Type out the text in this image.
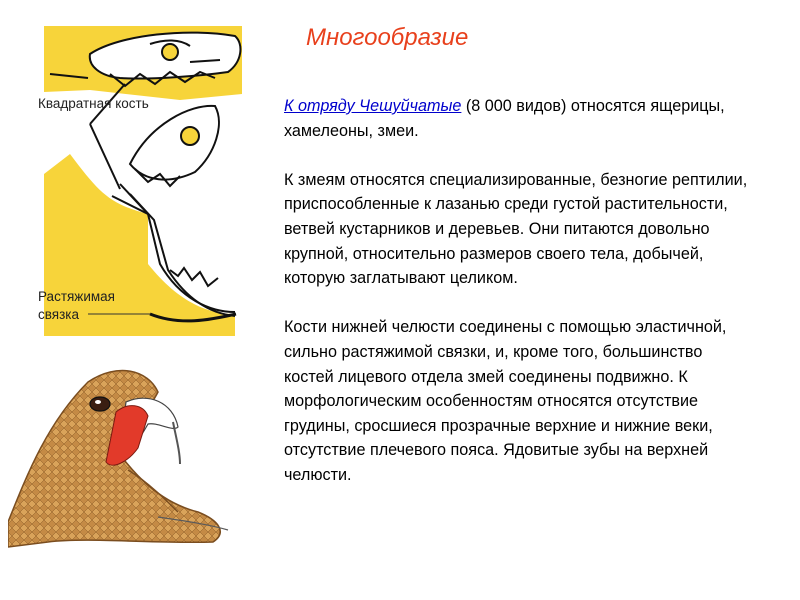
Многообразие
Квадратная кость
Растяжимая
связка

К отряду Чешуйчатые (8 000 видов) относятся ящерицы, хамелеоны, змеи.

К змеям относятся специализированные, безногие рептилии, приспособленные к лазанью среди густой растительности, ветвей кустарников и деревьев. Они питаются довольно крупной, относительно размеров своего тела, добычей, которую заглатывают целиком.

Кости нижней челюсти соединены с помощью эластичной, сильно растяжимой связки, и, кроме того, большинство костей лицевого отдела змей соединены подвижно. К морфологическим особенностям относятся отсутствие грудины, сросшиеся прозрачные верхние и нижние веки, отсутствие плечевого пояса. Ядовитые зубы на верхней челюсти.
